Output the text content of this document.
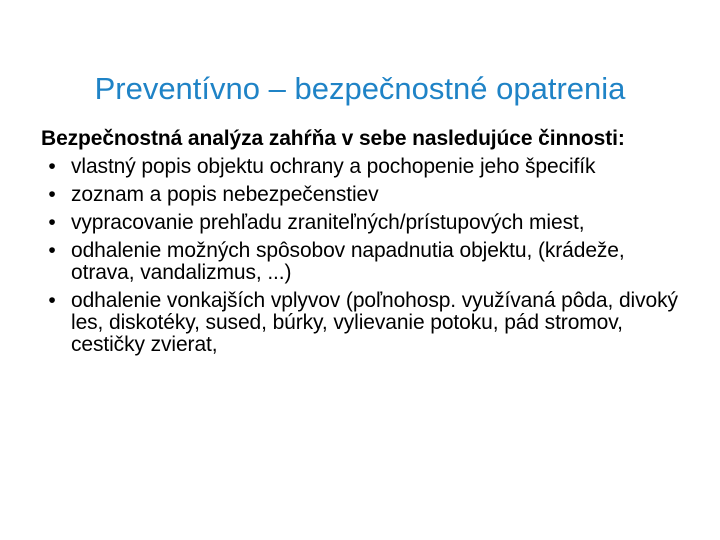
Preventívno – bezpečnostné opatrenia
Bezpečnostná analýza zahŕňa v sebe nasledujúce činnosti:
• vlastný popis objektu ochrany a pochopenie jeho špecifík
• zoznam a popis nebezpečenstiev
• vypracovanie prehľadu zraniteľných/prístupových miest,
• odhalenie možných spôsobov napadnutia objektu, (krádeže, otrava, vandalizmus, ...)
• odhalenie vonkajších vplyvov (poľnohosp. využívaná pôda, divoký les, diskotéky, sused, búrky, vylievanie potoku, pád stromov, cestičky zvierat,
